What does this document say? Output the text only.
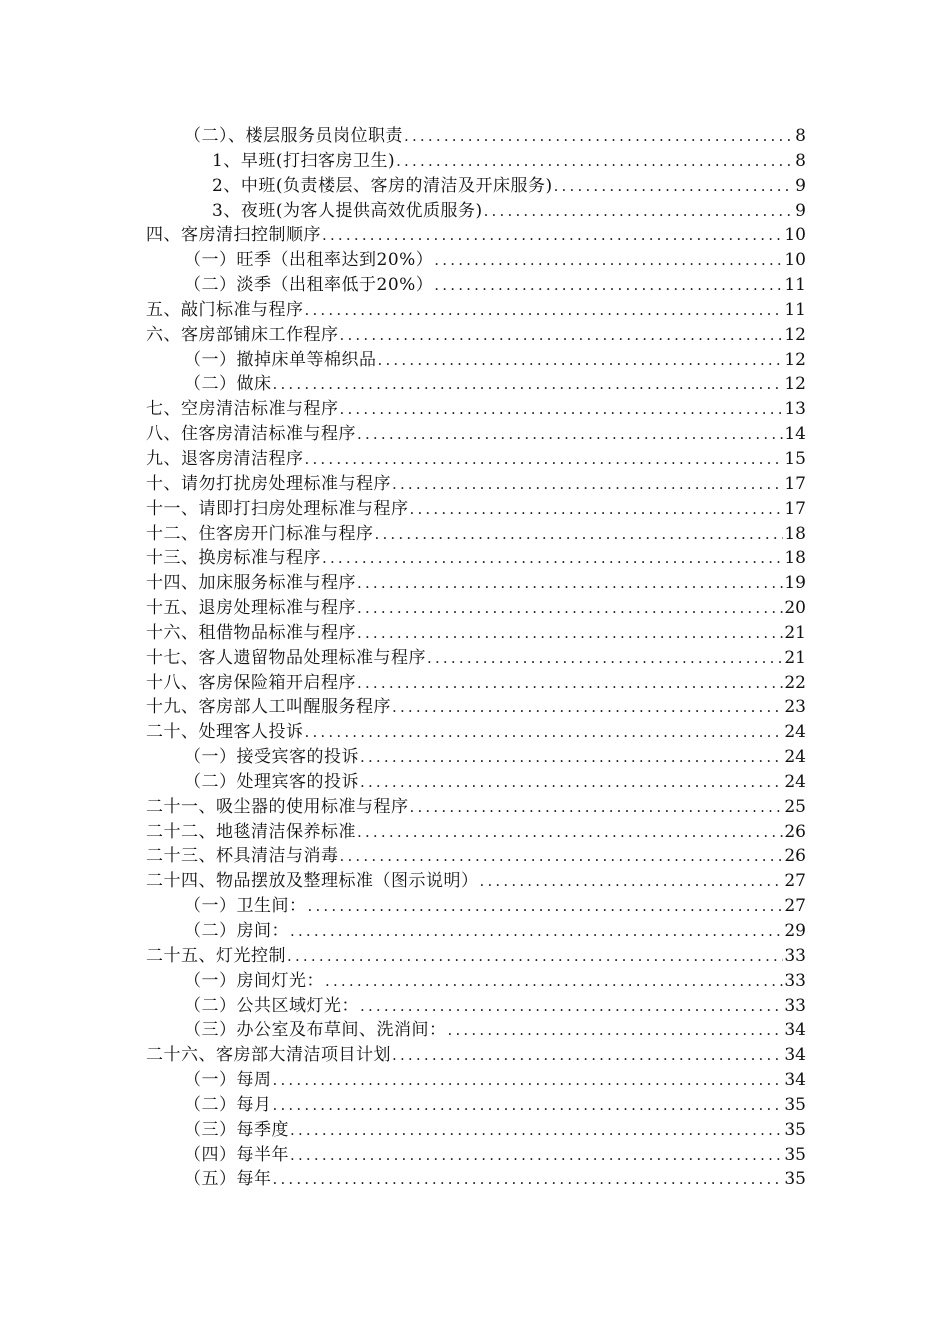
（二）、楼层服务员岗位职责 .....	8
1、早班(打扫客房卫生) .....	8
2、中班(负责楼层、客房的清洁及开床服务) .....	9
3、夜班(为客人提供高效优质服务) .....	9
四、客房清扫控制顺序 .....	10
（一）旺季（出租率达到20%） .....	10
（二）淡季（出租率低于20%） .....	11
五、敲门标准与程序 .....	11
六、客房部铺床工作程序 .....	12
（一）撤掉床单等棉织品 .....	12
（二）做床 .....	12
七、空房清洁标准与程序 .....	13
八、住客房清洁标准与程序 .....	14
九、退客房清洁程序 .....	15
十、请勿打扰房处理标准与程序 .....	17
十一、请即打扫房处理标准与程序 .....	17
十二、住客房开门标准与程序 .....	18
十三、换房标准与程序 .....	18
十四、加床服务标准与程序 .....	19
十五、退房处理标准与程序 .....	20
十六、租借物品标准与程序 .....	21
十七、客人遗留物品处理标准与程序 .....	21
十八、客房保险箱开启程序 .....	22
十九、客房部人工叫醒服务程序 .....	23
二十、处理客人投诉 .....	24
（一）接受宾客的投诉 .....	24
（二）处理宾客的投诉 .....	24
二十一、吸尘器的使用标准与程序 .....	25
二十二、地毯清洁保养标准 .....	26
二十三、杯具清洁与消毒 .....	26
二十四、物品摆放及整理标准（图示说明） .....	27
（一）卫生间： .....	27
（二）房间： .....	29
二十五、灯光控制 .....	33
（一）房间灯光： .....	33
（二）公共区域灯光： .....	33
（三）办公室及布草间、洗消间： .....	34
二十六、客房部大清洁项目计划 .....	34
（一）每周 .....	34
（二）每月 .....	35
（三）每季度 .....	35
（四）每半年 .....	35
（五）每年 .....	35
